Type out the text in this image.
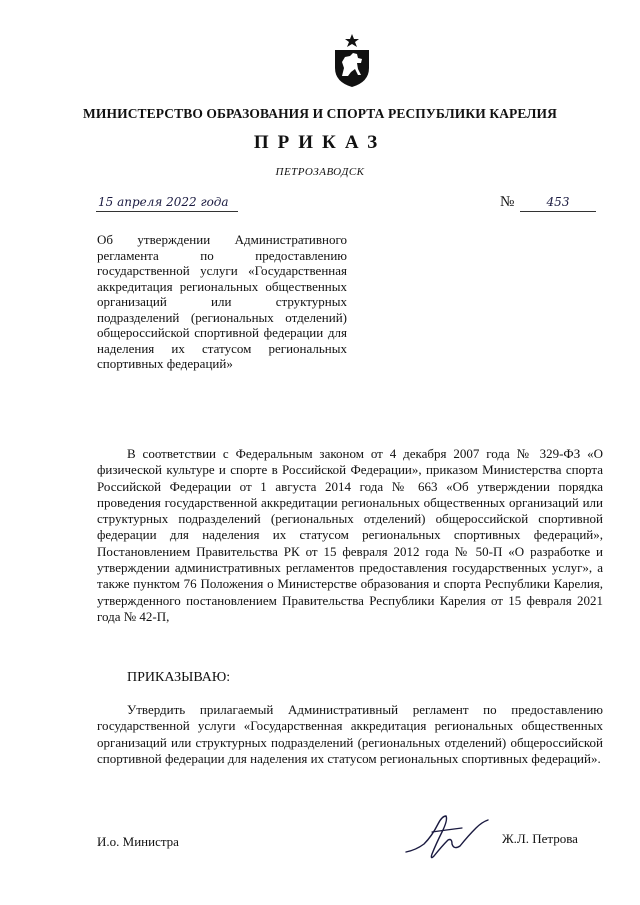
МИНИСТЕРСТВО ОБРАЗОВАНИЯ И СПОРТА РЕСПУБЛИКИ КАРЕЛИЯ
ПРИКАЗ
ПЕТРОЗАВОДСК
15 апреля 2022 года	№	453
Об утверждении Административного регламента по предоставлению государственной услуги «Государственная аккредитация региональных общественных организаций или структурных подразделений (региональных отделений) общероссийской спортивной федерации для наделения их статусом региональных спортивных федераций»

В соответствии с Федеральным законом от 4 декабря 2007 года № 329-ФЗ «О физической культуре и спорте в Российской Федерации», приказом Министерства спорта Российской Федерации от 1 августа 2014 года № 663 «Об утверждении порядка проведения государственной аккредитации региональных общественных организаций или структурных подразделений (региональных отделений) общероссийской спортивной федерации для наделения их статусом региональных спортивных федераций», Постановлением Правительства РК от 15 февраля 2012 года № 50-П «О разработке и утверждении административных регламентов предоставления государственных услуг», а также пунктом 76 Положения о Министерстве образования и спорта Республики Карелия, утвержденного постановлением Правительства Республики Карелия от 15 февраля 2021 года № 42-П,

ПРИКАЗЫВАЮ:

Утвердить прилагаемый Административный регламент по предоставлению государственной услуги «Государственная аккредитация региональных общественных организаций или структурных подразделений (региональных отделений) общероссийской спортивной федерации для наделения их статусом региональных спортивных федераций».

И.о. Министра	Ж.Л. Петрова
